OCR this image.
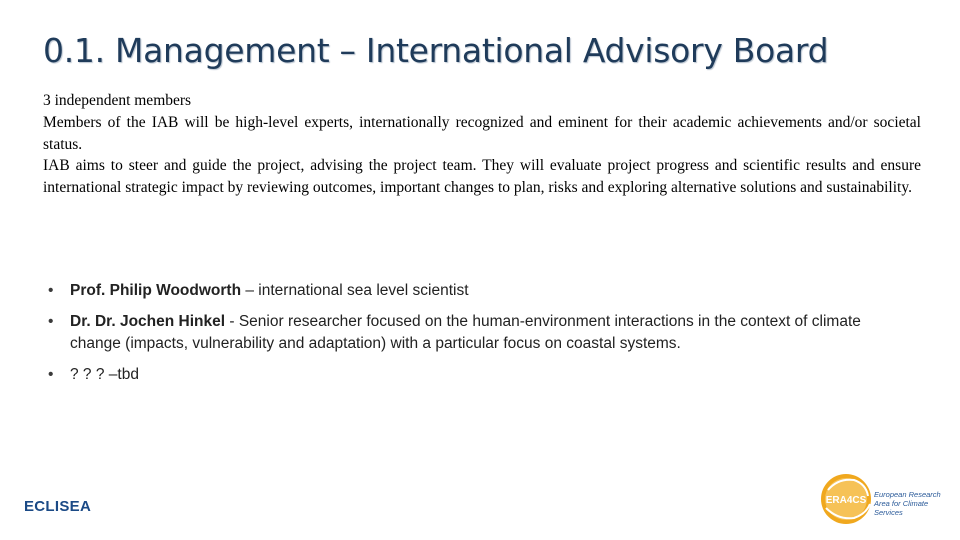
0.1. Management – International Advisory Board

3 independent members

Members of the IAB will be high-level experts, internationally recognized and eminent for their academic achievements and/or societal status.

IAB aims to steer and guide the project, advising the project team. They will evaluate project progress and scientific results and ensure international strategic impact by reviewing outcomes, important changes to plan, risks and exploring alternative solutions and sustainability.

• Prof. Philip Woodworth – international sea level scientist
• Dr. Dr. Jochen Hinkel - Senior researcher focused on the human-environment interactions in the context of climate change (impacts, vulnerability and adaptation) with a particular focus on coastal systems.
• ? ? ? –tbd
ECLISEA	ERA4CS
European Research Area for Climate Services
